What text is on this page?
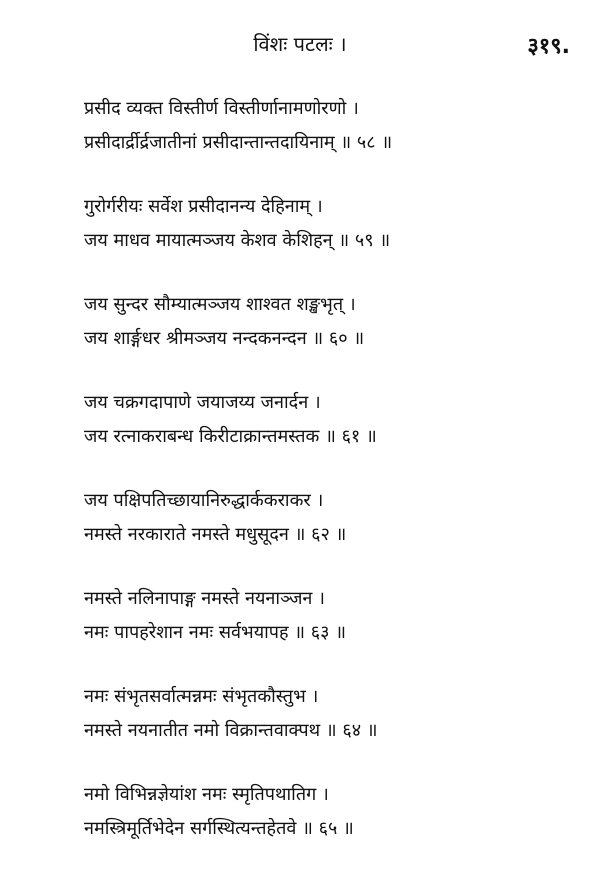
विंशः पटलः ।	३१९.
प्रसीद व्यक्त विस्तीर्ण विस्तीर्णानामणोरणो ।
प्रसीदार्द्रीर्द्रजातीनां प्रसीदान्तान्तदायिनाम् ॥ ५८ ॥
गुरोर्गरीयः सर्वेश प्रसीदानन्य देहिनाम् ।
जय माधव मायात्मञ्जय केशव केशिहन् ॥ ५९ ॥
जय सुन्दर सौम्यात्मञ्जय शाश्वत शङ्खभृत् ।
जय शार्ङ्गधर श्रीमञ्जय नन्दकनन्दन ॥ ६० ॥
जय चक्रगदापाणे जयाजय्य जनार्दन ।
जय रत्नाकराबन्ध किरीटाक्रान्तमस्तक ॥ ६१ ॥
जय पक्षिपतिच्छायानिरुद्धार्ककराकर ।
नमस्ते नरकाराते नमस्ते मधुसूदन ॥ ६२ ॥
नमस्ते नलिनापाङ्ग नमस्ते नयनाञ्जन ।
नमः पापहरेशान नमः सर्वभयापह ॥ ६३ ॥
नमः संभृतसर्वात्मन्नमः संभृतकौस्तुभ ।
नमस्ते नयनातीत नमो विक्रान्तवाक्पथ ॥ ६४ ॥
नमो विभिन्नज्ञेयांश नमः स्मृतिपथातिग ।
नमस्त्रिमूर्तिभेदेन सर्गस्थित्यन्तहेतवे ॥ ६५ ॥
